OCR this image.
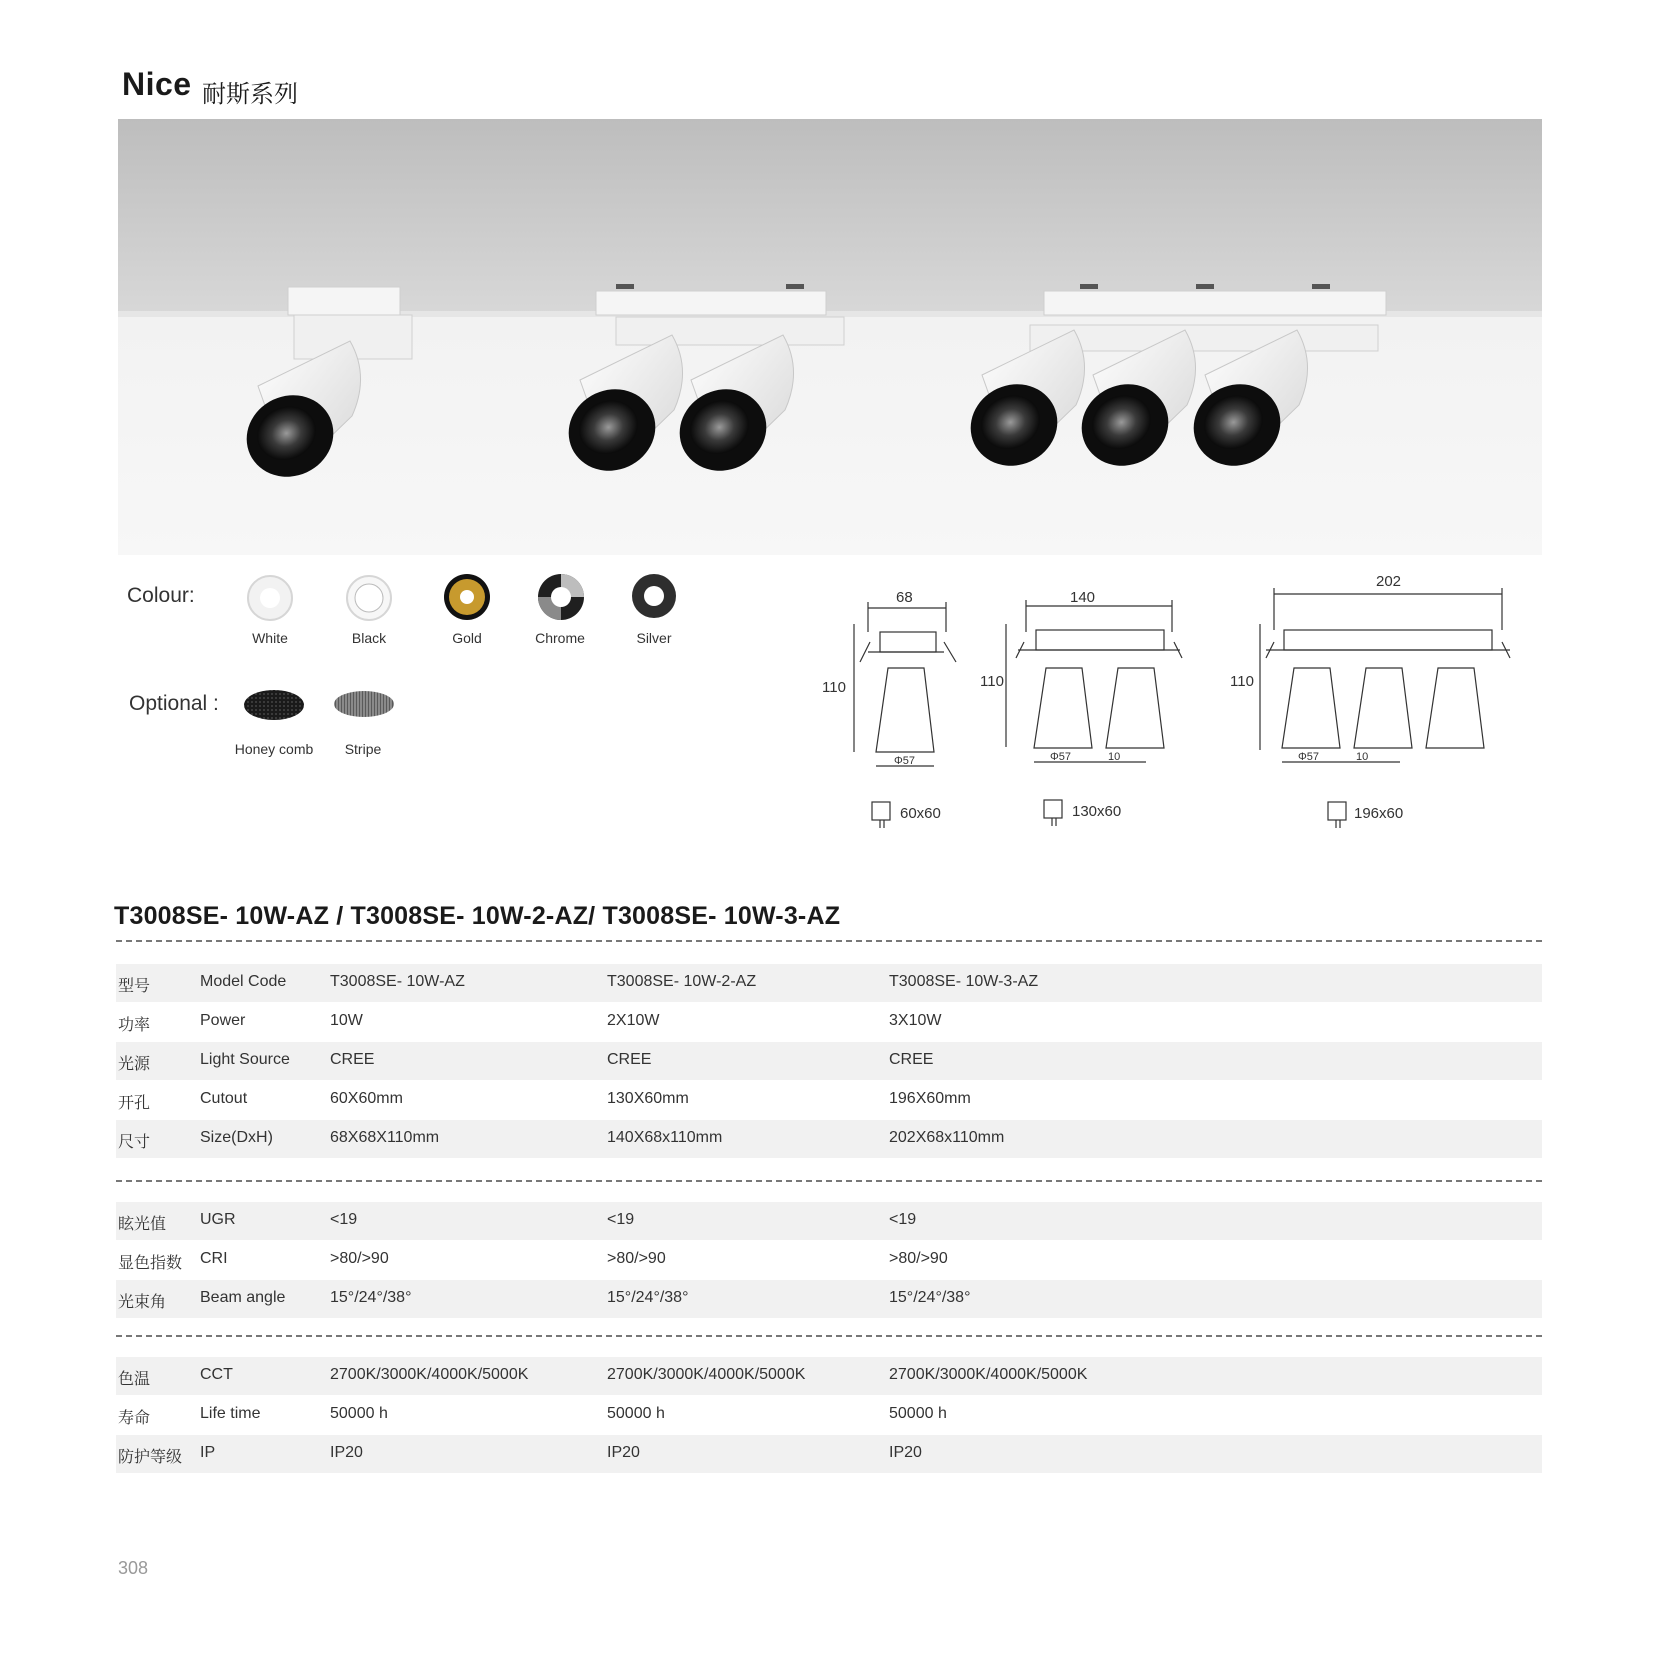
Nice 耐斯系列
Colour:
White	Black	Gold	Chrome	Silver
Optional :
Honey comb	Stripe
68
110
Φ57
60x60
140
110
Φ57	10
130x60
202
110
Φ57	10
196x60
T3008SE- 10W-AZ / T3008SE- 10W-2-AZ/ T3008SE- 10W-3-AZ
型号	Model Code	T3008SE- 10W-AZ	T3008SE- 10W-2-AZ	T3008SE- 10W-3-AZ
功率	Power	10W	2X10W	3X10W
光源	Light Source	CREE	CREE	CREE
开孔	Cutout	60X60mm	130X60mm	196X60mm
尺寸	Size(DxH)	68X68X110mm	140X68x110mm	202X68x110mm
眩光值 UGR	<19	<19	<19
显色指数 CRI	>80/>90	>80/>90	>80/>90
光束角 Beam angle	15°/24°/38°	15°/24°/38°	15°/24°/38°
色温	CCT	2700K/3000K/4000K/5000K	2700K/3000K/4000K/5000K	2700K/3000K/4000K/5000K
寿命	Life time	50000 h	50000 h	50000 h
防护等级 IP	IP20	IP20	IP20
308
